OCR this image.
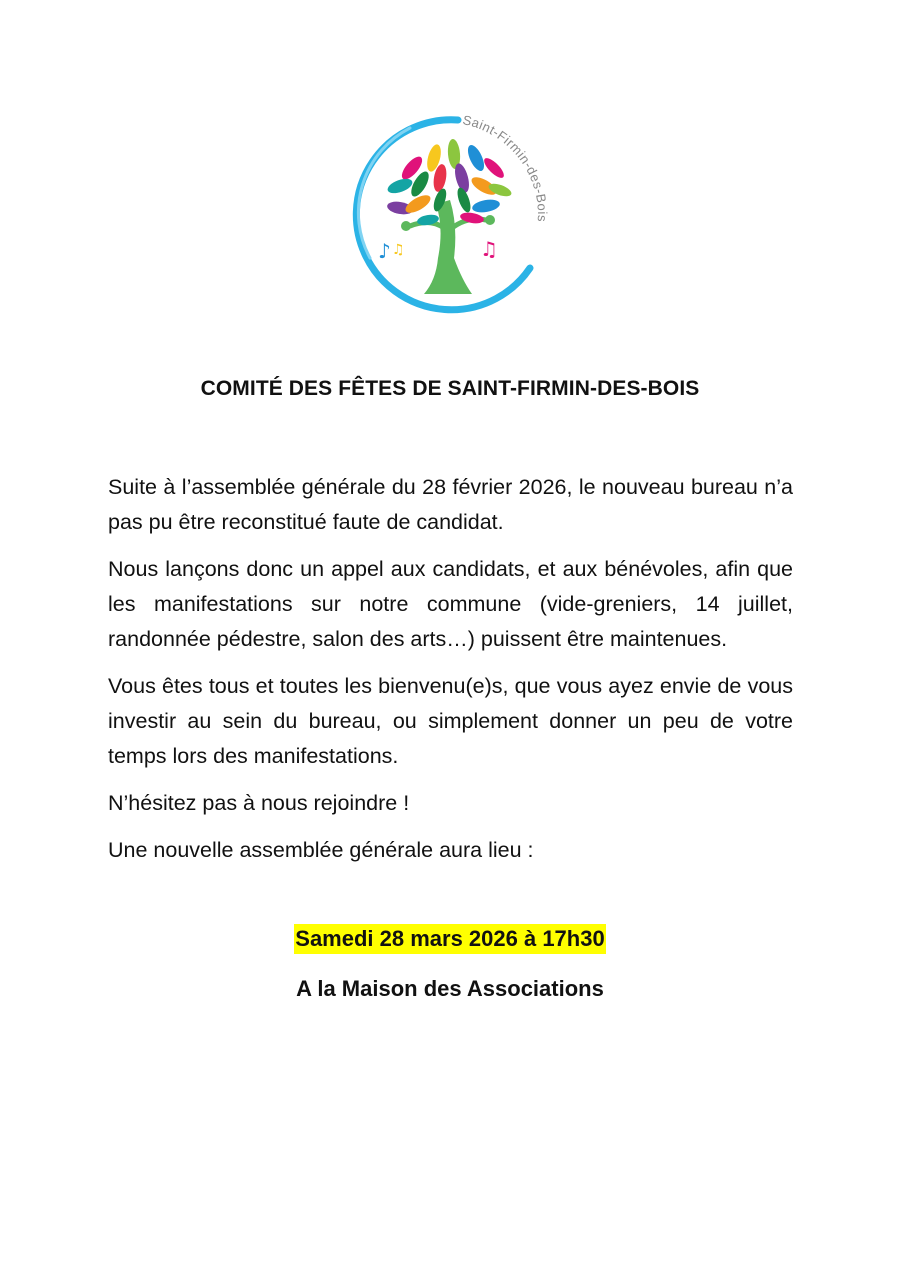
Saint-Firmin-des-Bois
♪ ♫	♫
COMITÉ DES FÊTES DE SAINT-FIRMIN-DES-BOIS

Suite à l’assemblée générale du 28 février 2026, le nouveau bureau n’a pas pu être reconstitué faute de candidat.

Nous lançons donc un appel aux candidats, et aux bénévoles, afin que les manifestations sur notre commune (vide-greniers, 14 juillet, randonnée pédestre, salon des arts…) puissent être maintenues.

Vous êtes tous et toutes les bienvenu(e)s, que vous ayez envie de vous investir au sein du bureau, ou simplement donner un peu de votre temps lors des manifestations.

N’hésitez pas à nous rejoindre !

Une nouvelle assemblée générale aura lieu :

Samedi 28 mars 2026 à 17h30
A la Maison des Associations
